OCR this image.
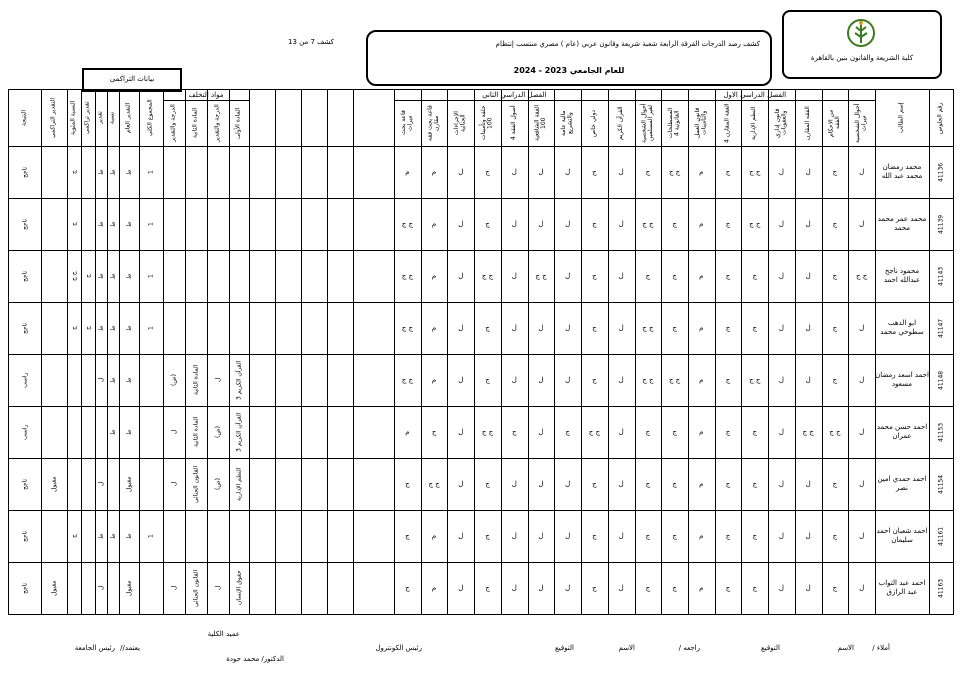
كلية الشريعة والقانون بنين بالقاهرة
كشف رصد الدرجات الفرقة الرابعة شعبة شريعة وقانون عربي (عام ) مصري منتسب إنتظام
للعام الجامعي 2023 - 2024
كشف 7 من 13
بيانات التراكمى
الفصل الدراسي الاول
الفصل الدراسي الثاني
مواد التخلف
رقم الجلوس
إسم الطالب
أحوال الشخصية ميراث
من الاحكام الفقه
الفقه المقارن
قانون إداري والعقوبات
النظم الإدارية
الفقة المقارن 4
قانون العمل والتأمينات
المصطلحات القانونية 4
أحوال الشخصية لغير المسلمين
القرآن الكريم
دولي خاص
مالية عامة والتشريع
الفقة الشافعية 100
أصول الفقة 4
حلقة وتأمينات 100
الإجراءات الجنائية
قاعة بحث فقه مقارن
قاعة بحث ميراث
المادة الأولى
الدرجة والتقدير
المادة الثانية
الدرجة والتقدير
المجموع الكلي
التقدير العام
نسبة
تقدير
تقدير تراكمي
النسبة المئوية
التقدير التراكمي
النتيجة
41136
محمد رمضان محمد عبد الله
ل
ج
ل
ل
ج ج
ج
م
ج ج
ج
ل
ج
ل
ل
ل
ج
ل
م
م
1
ط
ط
ط
ج
ناجح
41139
محمد عمر محمد محمد
ل
ج
ل
ل
ج ج
ج
م
ج
ج ج
ل
ج
ل
ل
ل
ج
ل
م
ج ج
1
ط
ط
ط
ج
ناجح
41143
محمود ناجح عبدالله احمد
ج ج
ج
ل
ل
ج
ج
م
ج
ج
ل
ج
ل
ج ج
ل
ج ج
ل
م
ج ج
1
ط
ط
ط
ج
ج ج
ناجح
41147
ابو الدهب سطوحي محمد
ل
ج
ل
ل
ج
ج
م
ج
ج ج
ل
ج
ل
ل
ل
ج
ل
م
ج ج
1
ط
ط
ط
ج
ج
ناجح
41148
احمد اسعد رمضان مسعود
ل
ج
ل
ل
ج ج
ج
م
ج ج
ج ج
ل
ج
ل
ل
ل
ج
ل
م
ج ج
القرآن الكريم 3
ل
المادة الثانية
(ض)
ط
ط
ل
راسب
41153
احمد حسن محمد عمران
ل
ج ج
ج ج
ل
ج
ج
م
ج
ج
ل
ج ج
ج
ل
ج
ج ج
ل
ج
م
القرآن الكريم 3
(ض)
المادة الثانية
ل
ط
ط
راسب
41154
احمد حمدي امين نصر
ل
ج
ل
ل
ج
ج
م
ج
ج
ل
ج
ل
ل
ل
ج
ل
ج ج
ج
النظم الإدارية
(ض)
القانون الجنائي
ل
مقبول
ل
مقبول
ناجح
41161
احمد شعبان احمد سليمان
ل
ج
ل
ل
ج
ج
م
ج
ج
ل
ج
ل
ل
ل
ج
ل
م
ج
1
ط
ط
ط
ج
ناجح
41163
احمد عبد التواب عبد الرازق
ل
ج
ل
ل
ج
ج
م
ج
ج
ل
ج
ل
ل
ل
ج
ل
م
ج
حقوق الإنسان
ل
القانون الجنائي
ل
مقبول
ل
مقبول
ناجح
أملاء /
الاسم
التوقيع
راجعه /
الاسم
التوقيع
رئيس الكونترول
عميد الكلية
الدكتور/ محمد جودة
يعتمد//
رئيس الجامعة
